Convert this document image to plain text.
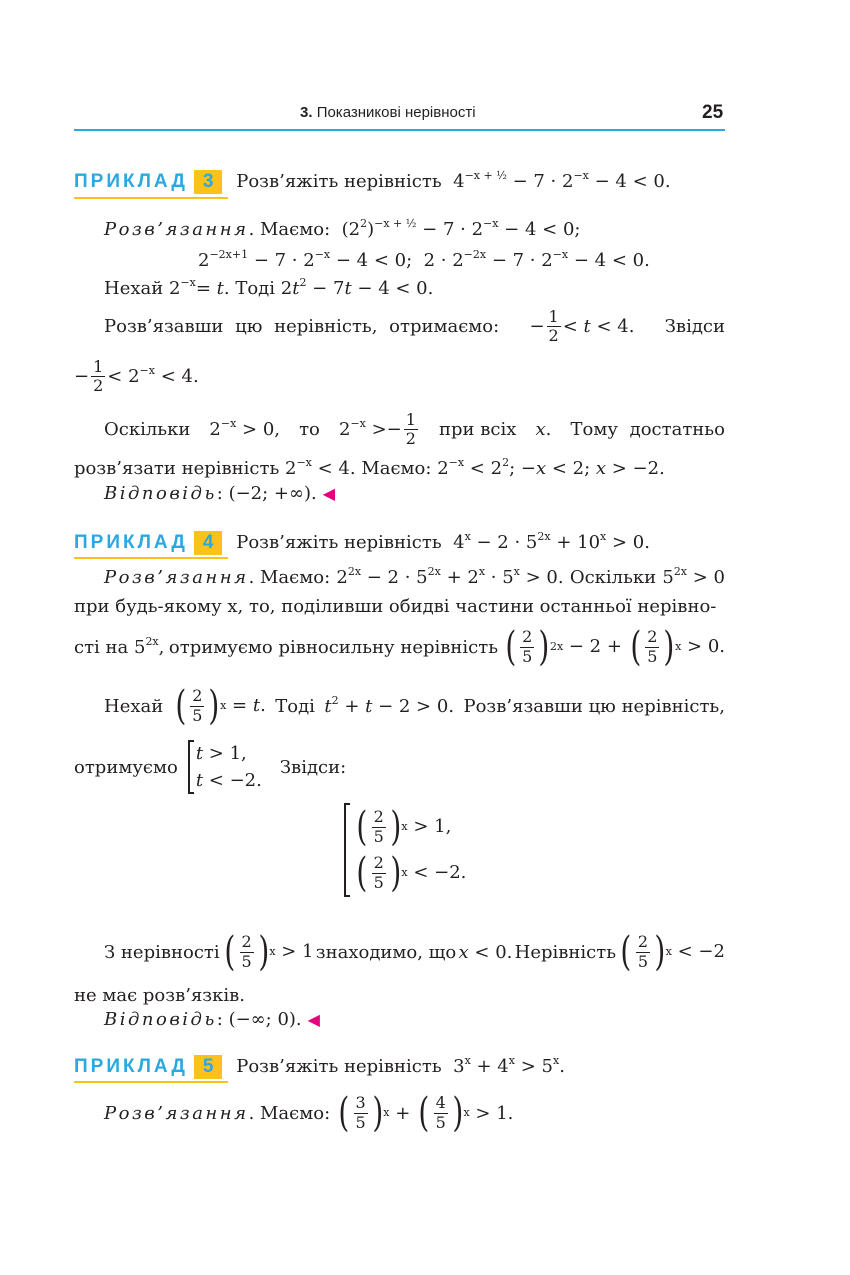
3. Показникові нерівності	25
ПРИКЛАД 3 Розв’яжіть нерівність  $4^{-x + \frac{1}{2}} - 7 \cdot 2^{-x} - 4 < 0$.
Розв’язання. Маємо:  $(2^2)^{-x + \frac{1}{2}} - 7 \cdot 2^{-x} - 4 < 0$;
$2^{-2x+1} - 7 \cdot 2^{-x} - 4 < 0$;  $2 \cdot 2^{-2x} - 7 \cdot 2^{-x} - 4 < 0$.
Нехай $2^{-x}= t$. Тоді $2t^2 - 7t - 4 < 0$.
Розв’язавши цю нерівність, отримаємо: − $\frac{1}{2} < t < 4$. Звідси
− $\frac{1}{2} < 2^{-x} < 4$.
Оскільки $2^{-x} > 0$, то $2^{-x} >- \frac{1}{2}$ при всіх x. Тому достатньо
розв’язати нерівність $2^{-x} < 4$. Маємо: $2^{-x} < 2^2$; −x < 2; x > −2.
Відповідь: (−2; +∞). ◀
ПРИКЛАД 4 Розв’яжіть нерівність  $4^x - 2 \cdot 5^{2x} + 10^x > 0$.
Розв’язання. Маємо: $2^{2x} - 2 \cdot 5^{2x} + 2^x \cdot 5^x > 0$. Оскільки $5^{2x} > 0$
при будь-якому x, то, поділивши обидві частини останньої нерівно-
сті на $5^{2x}$, отримуємо рівносильну нерівність ( $\frac{2}{5}$ ) 2x − 2 + ( $\frac{2}{5}$ ) x > 0.
Нехай ( $\frac{2}{5}$ ) x = t. Тоді $t^2 + t - 2 > 0$. Розв’язавши цю нерівність,
отримуємо
t > 1,
t < −2.
Звідси:
( $\frac{2}{5}$ ) x > 1,
( $\frac{2}{5}$ ) x < −2.
З нерівності ( $\frac{2}{5}$ ) x > 1 знаходимо, що x < 0. Нерівність ( $\frac{2}{5}$ ) x < −2
не має розв’язків.
Відповідь: (−∞; 0). ◀
ПРИКЛАД 5 Розв’яжіть нерівність  $3^x + 4^x > 5^x$.
Розв’язання . Маємо:
( $\frac{3}{5}$ ) x + ( $\frac{4}{5}$ ) x > 1.
